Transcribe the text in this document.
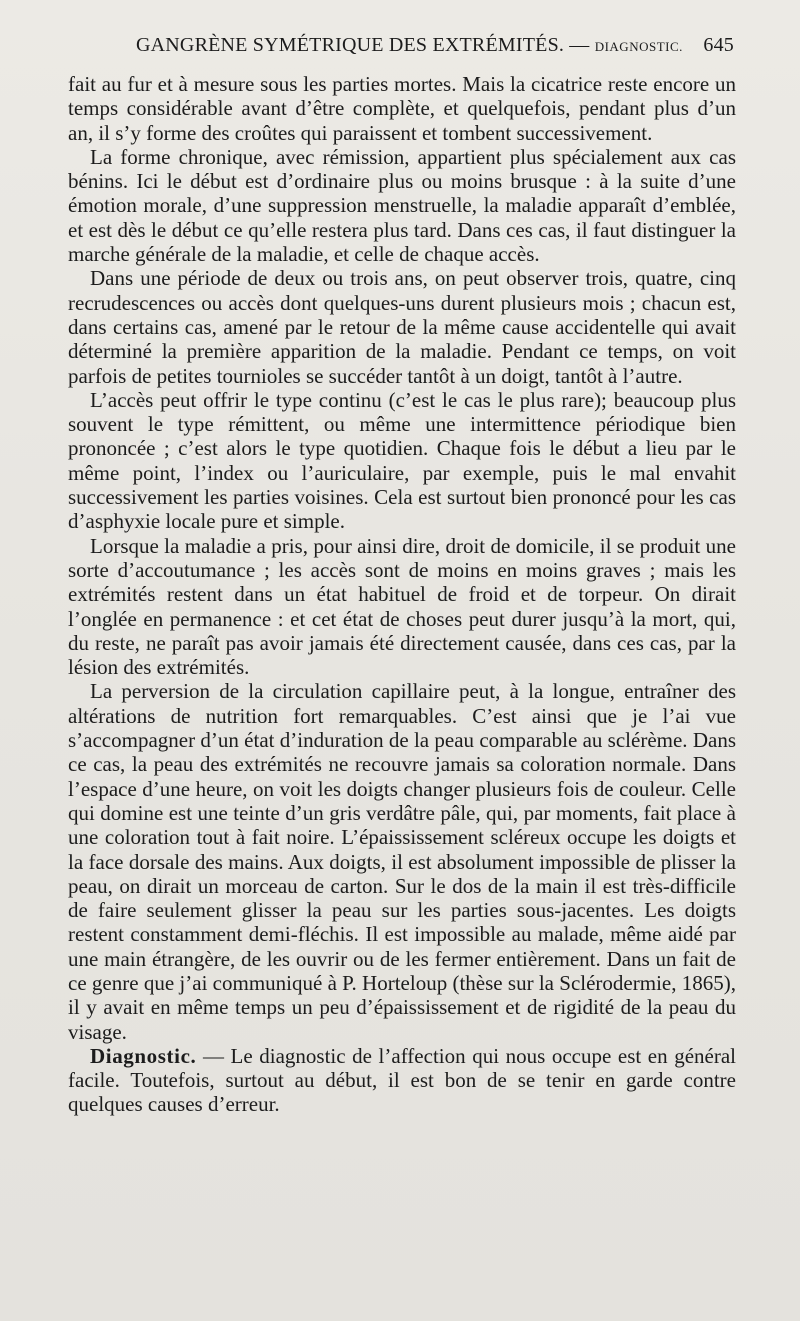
GANGRÈNE SYMÉTRIQUE DES EXTRÉMITÉS. — DIAGNOSTIC. 645

fait au fur et à mesure sous les parties mortes. Mais la cicatrice reste encore un temps considérable avant d’être complète, et quelquefois, pendant plus d’un an, il s’y forme des croûtes qui paraissent et tombent successivement.

La forme chronique, avec rémission, appartient plus spécialement aux cas bénins. Ici le début est d’ordinaire plus ou moins brusque : à la suite d’une émotion morale, d’une suppression menstruelle, la maladie apparaît d’emblée, et est dès le début ce qu’elle restera plus tard. Dans ces cas, il faut distinguer la marche générale de la maladie, et celle de chaque accès.

Dans une période de deux ou trois ans, on peut observer trois, quatre, cinq recrudescences ou accès dont quelques-uns durent plusieurs mois ; chacun est, dans certains cas, amené par le retour de la même cause accidentelle qui avait déterminé la première apparition de la maladie. Pendant ce temps, on voit parfois de petites tournioles se succéder tantôt à un doigt, tantôt à l’autre.

L’accès peut offrir le type continu (c’est le cas le plus rare); beaucoup plus souvent le type rémittent, ou même une intermittence périodique bien prononcée ; c’est alors le type quotidien. Chaque fois le début a lieu par le même point, l’index ou l’auriculaire, par exemple, puis le mal envahit successivement les parties voisines. Cela est surtout bien prononcé pour les cas d’asphyxie locale pure et simple.

Lorsque la maladie a pris, pour ainsi dire, droit de domicile, il se produit une sorte d’accoutumance ; les accès sont de moins en moins graves ; mais les extrémités restent dans un état habituel de froid et de torpeur. On dirait l’onglée en permanence : et cet état de choses peut durer jusqu’à la mort, qui, du reste, ne paraît pas avoir jamais été directement causée, dans ces cas, par la lésion des extrémités.

La perversion de la circulation capillaire peut, à la longue, entraîner des altérations de nutrition fort remarquables. C’est ainsi que je l’ai vue s’accompagner d’un état d’induration de la peau comparable au sclérème. Dans ce cas, la peau des extrémités ne recouvre jamais sa coloration normale. Dans l’espace d’une heure, on voit les doigts changer plusieurs fois de couleur. Celle qui domine est une teinte d’un gris verdâtre pâle, qui, par moments, fait place à une coloration tout à fait noire. L’épaississement scléreux occupe les doigts et la face dorsale des mains. Aux doigts, il est absolument impossible de plisser la peau, on dirait un morceau de carton. Sur le dos de la main il est très-difficile de faire seulement glisser la peau sur les parties sous-jacentes. Les doigts restent constamment demi-fléchis. Il est impossible au malade, même aidé par une main étrangère, de les ouvrir ou de les fermer entièrement. Dans un fait de ce genre que j’ai communiqué à P. Horteloup (thèse sur la Sclérodermie, 1865), il y avait en même temps un peu d’épaississement et de rigidité de la peau du visage.

Diagnostic. — Le diagnostic de l’affection qui nous occupe est en général facile. Toutefois, surtout au début, il est bon de se tenir en garde contre quelques causes d’erreur.
